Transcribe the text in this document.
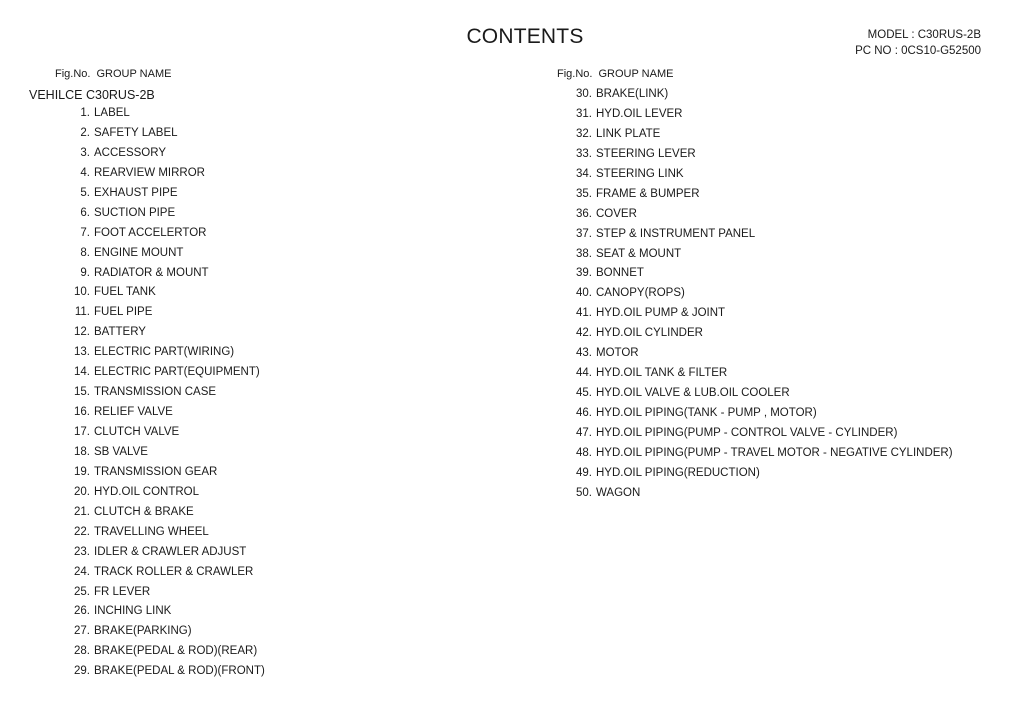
CONTENTS	MODEL : C30RUS-2B
PC NO : 0CS10-G52500
Fig.No. GROUP NAME	Fig.No. GROUP NAME
VEHILCE C30RUS-2B
1. LABEL
2. SAFETY LABEL
3. ACCESSORY
4. REARVIEW MIRROR
5. EXHAUST PIPE
6. SUCTION PIPE
7. FOOT ACCELERTOR
8. ENGINE MOUNT
9. RADIATOR & MOUNT
10. FUEL TANK
11. FUEL PIPE
12. BATTERY
13. ELECTRIC PART(WIRING)
14. ELECTRIC PART(EQUIPMENT)
15. TRANSMISSION CASE
16. RELIEF VALVE
17. CLUTCH VALVE
18. SB VALVE
19. TRANSMISSION GEAR
20. HYD.OIL CONTROL
21. CLUTCH & BRAKE
22. TRAVELLING WHEEL
23. IDLER & CRAWLER ADJUST
24. TRACK ROLLER & CRAWLER
25. FR LEVER
26. INCHING LINK
27. BRAKE(PARKING)
28. BRAKE(PEDAL & ROD)(REAR)
29. BRAKE(PEDAL & ROD)(FRONT)
30. BRAKE(LINK)
31. HYD.OIL LEVER
32. LINK PLATE
33. STEERING LEVER
34. STEERING LINK
35. FRAME & BUMPER
36. COVER
37. STEP & INSTRUMENT PANEL
38. SEAT & MOUNT
39. BONNET
40. CANOPY(ROPS)
41. HYD.OIL PUMP & JOINT
42. HYD.OIL CYLINDER
43. MOTOR
44. HYD.OIL TANK & FILTER
45. HYD.OIL VALVE & LUB.OIL COOLER
46. HYD.OIL PIPING(TANK - PUMP , MOTOR)
47. HYD.OIL PIPING(PUMP - CONTROL VALVE - CYLINDER)
48. HYD.OIL PIPING(PUMP - TRAVEL MOTOR - NEGATIVE CYLINDER)
49. HYD.OIL PIPING(REDUCTION)
50. WAGON
